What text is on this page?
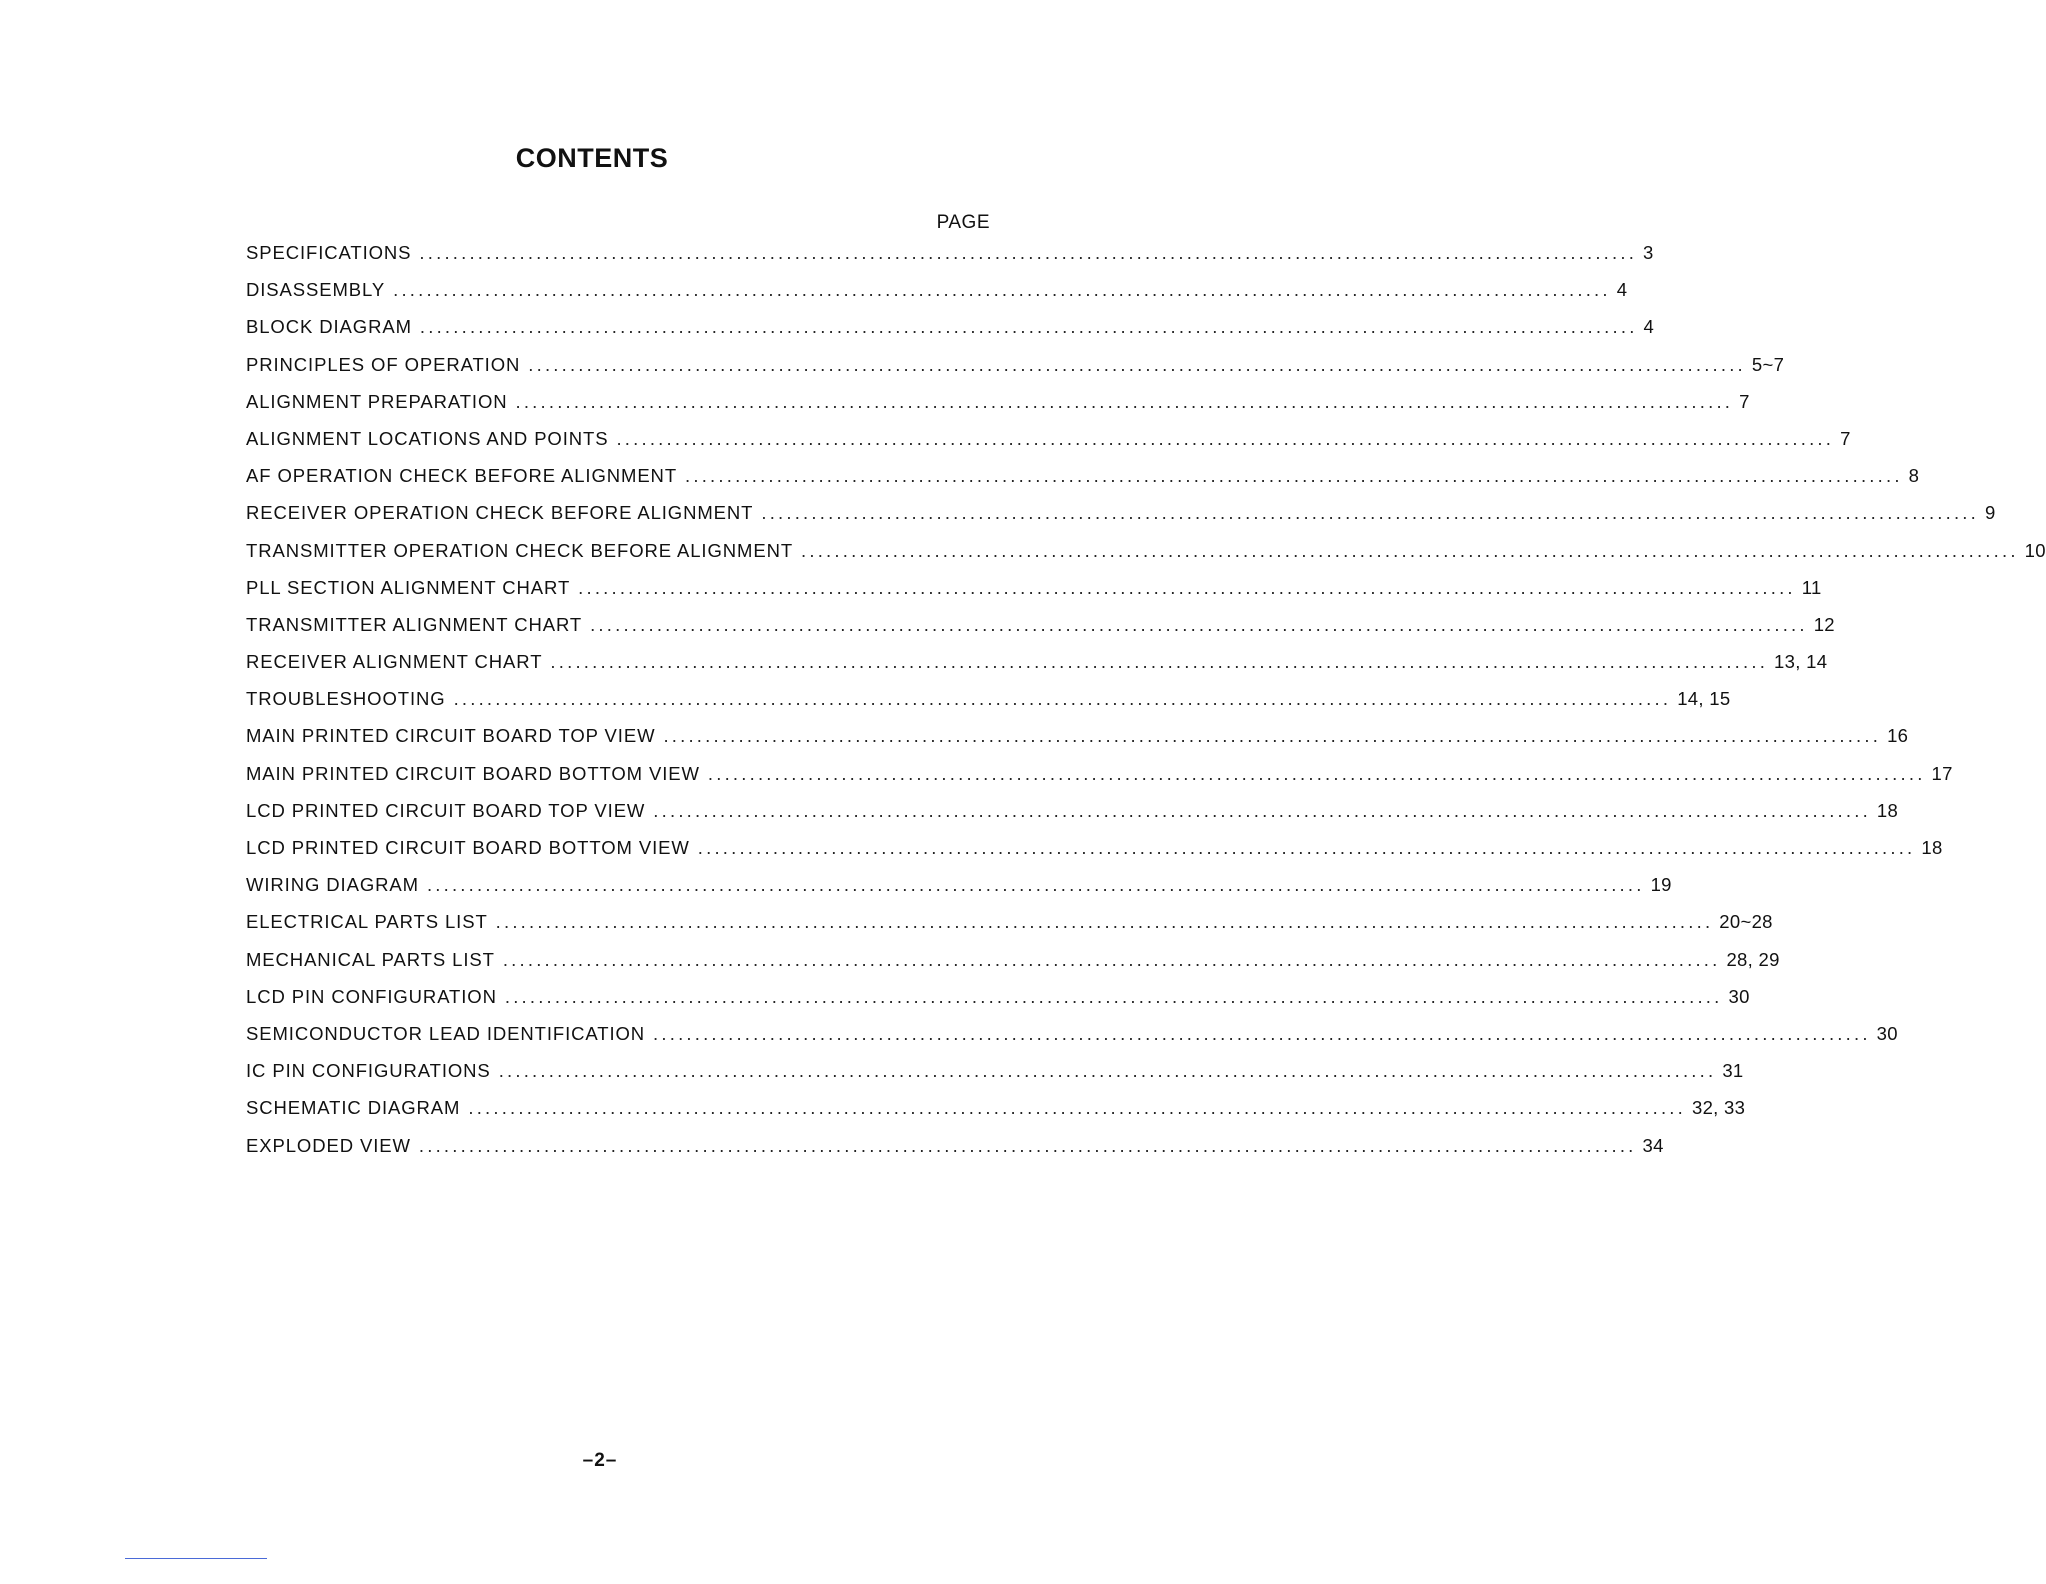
CONTENTS
PAGE
SPECIFICATIONS .................................................................................................................................................. 3
DISASSEMBLY .................................................................................................................................................. 4
BLOCK DIAGRAM .................................................................................................................................................. 4
PRINCIPLES OF OPERATION .................................................................................................................................................. 5~7
ALIGNMENT PREPARATION .................................................................................................................................................. 7
ALIGNMENT LOCATIONS AND POINTS .................................................................................................................................................. 7
AF OPERATION CHECK BEFORE ALIGNMENT .................................................................................................................................................. 8
RECEIVER OPERATION CHECK BEFORE ALIGNMENT .................................................................................................................................................. 9
TRANSMITTER OPERATION CHECK BEFORE ALIGNMENT .................................................................................................................................................. 10
PLL SECTION ALIGNMENT CHART .................................................................................................................................................. 11
TRANSMITTER ALIGNMENT CHART .................................................................................................................................................. 12
RECEIVER ALIGNMENT CHART .................................................................................................................................................. 13, 14
TROUBLESHOOTING .................................................................................................................................................. 14, 15
MAIN PRINTED CIRCUIT BOARD TOP VIEW .................................................................................................................................................. 16
MAIN PRINTED CIRCUIT BOARD BOTTOM VIEW .................................................................................................................................................. 17
LCD PRINTED CIRCUIT BOARD TOP VIEW .................................................................................................................................................. 18
LCD PRINTED CIRCUIT BOARD BOTTOM VIEW .................................................................................................................................................. 18
WIRING DIAGRAM .................................................................................................................................................. 19
ELECTRICAL PARTS LIST .................................................................................................................................................. 20~28
MECHANICAL PARTS LIST .................................................................................................................................................. 28, 29
LCD PIN CONFIGURATION .................................................................................................................................................. 30
SEMICONDUCTOR LEAD IDENTIFICATION .................................................................................................................................................. 30
IC PIN CONFIGURATIONS .................................................................................................................................................. 31
SCHEMATIC DIAGRAM .................................................................................................................................................. 32, 33
EXPLODED VIEW .................................................................................................................................................. 34
–2–
